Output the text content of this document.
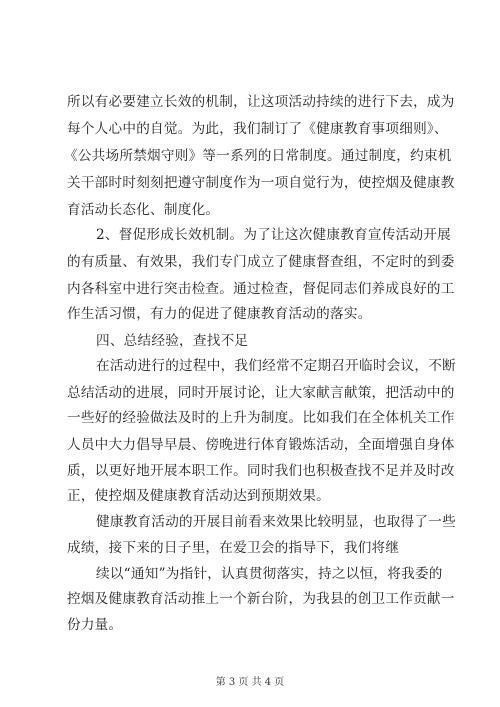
所以有必要建立长效的机制，让这项活动持续的进行下去，成为
每个人心中的自觉。为此，我们制订了《健康教育事项细则》、
《公共场所禁烟守则》等一系列的日常制度。通过制度，约束机
关干部时时刻刻把遵守制度作为一项自觉行为，使控烟及健康教
育活动长态化、制度化。
2、督促形成长效机制。为了让这次健康教育宣传活动开展
的有质量、有效果，我们专门成立了健康督查组，不定时的到委
内各科室中进行突击检查。通过检查，督促同志们养成良好的工
作生活习惯，有力的促进了健康教育活动的落实。
四、总结经验，查找不足
在活动进行的过程中，我们经常不定期召开临时会议，不断
总结活动的进展，同时开展讨论，让大家献言献策，把活动中的
一些好的经验做法及时的上升为制度。比如我们在全体机关工作
人员中大力倡导早晨、傍晚进行体育锻炼活动，全面增强自身体
质，以更好地开展本职工作。同时我们也积极查找不足并及时改
正，使控烟及健康教育活动达到预期效果。
健康教育活动的开展目前看来效果比较明显，也取得了一些
成绩，接下来的日子里，在爱卫会的指导下，我们将继
续以“通知”为指针，认真贯彻落实，持之以恒，将我委的
控烟及健康教育活动推上一个新台阶，为我县的创卫工作贡献一
份力量。
第 3 页 共 4 页
